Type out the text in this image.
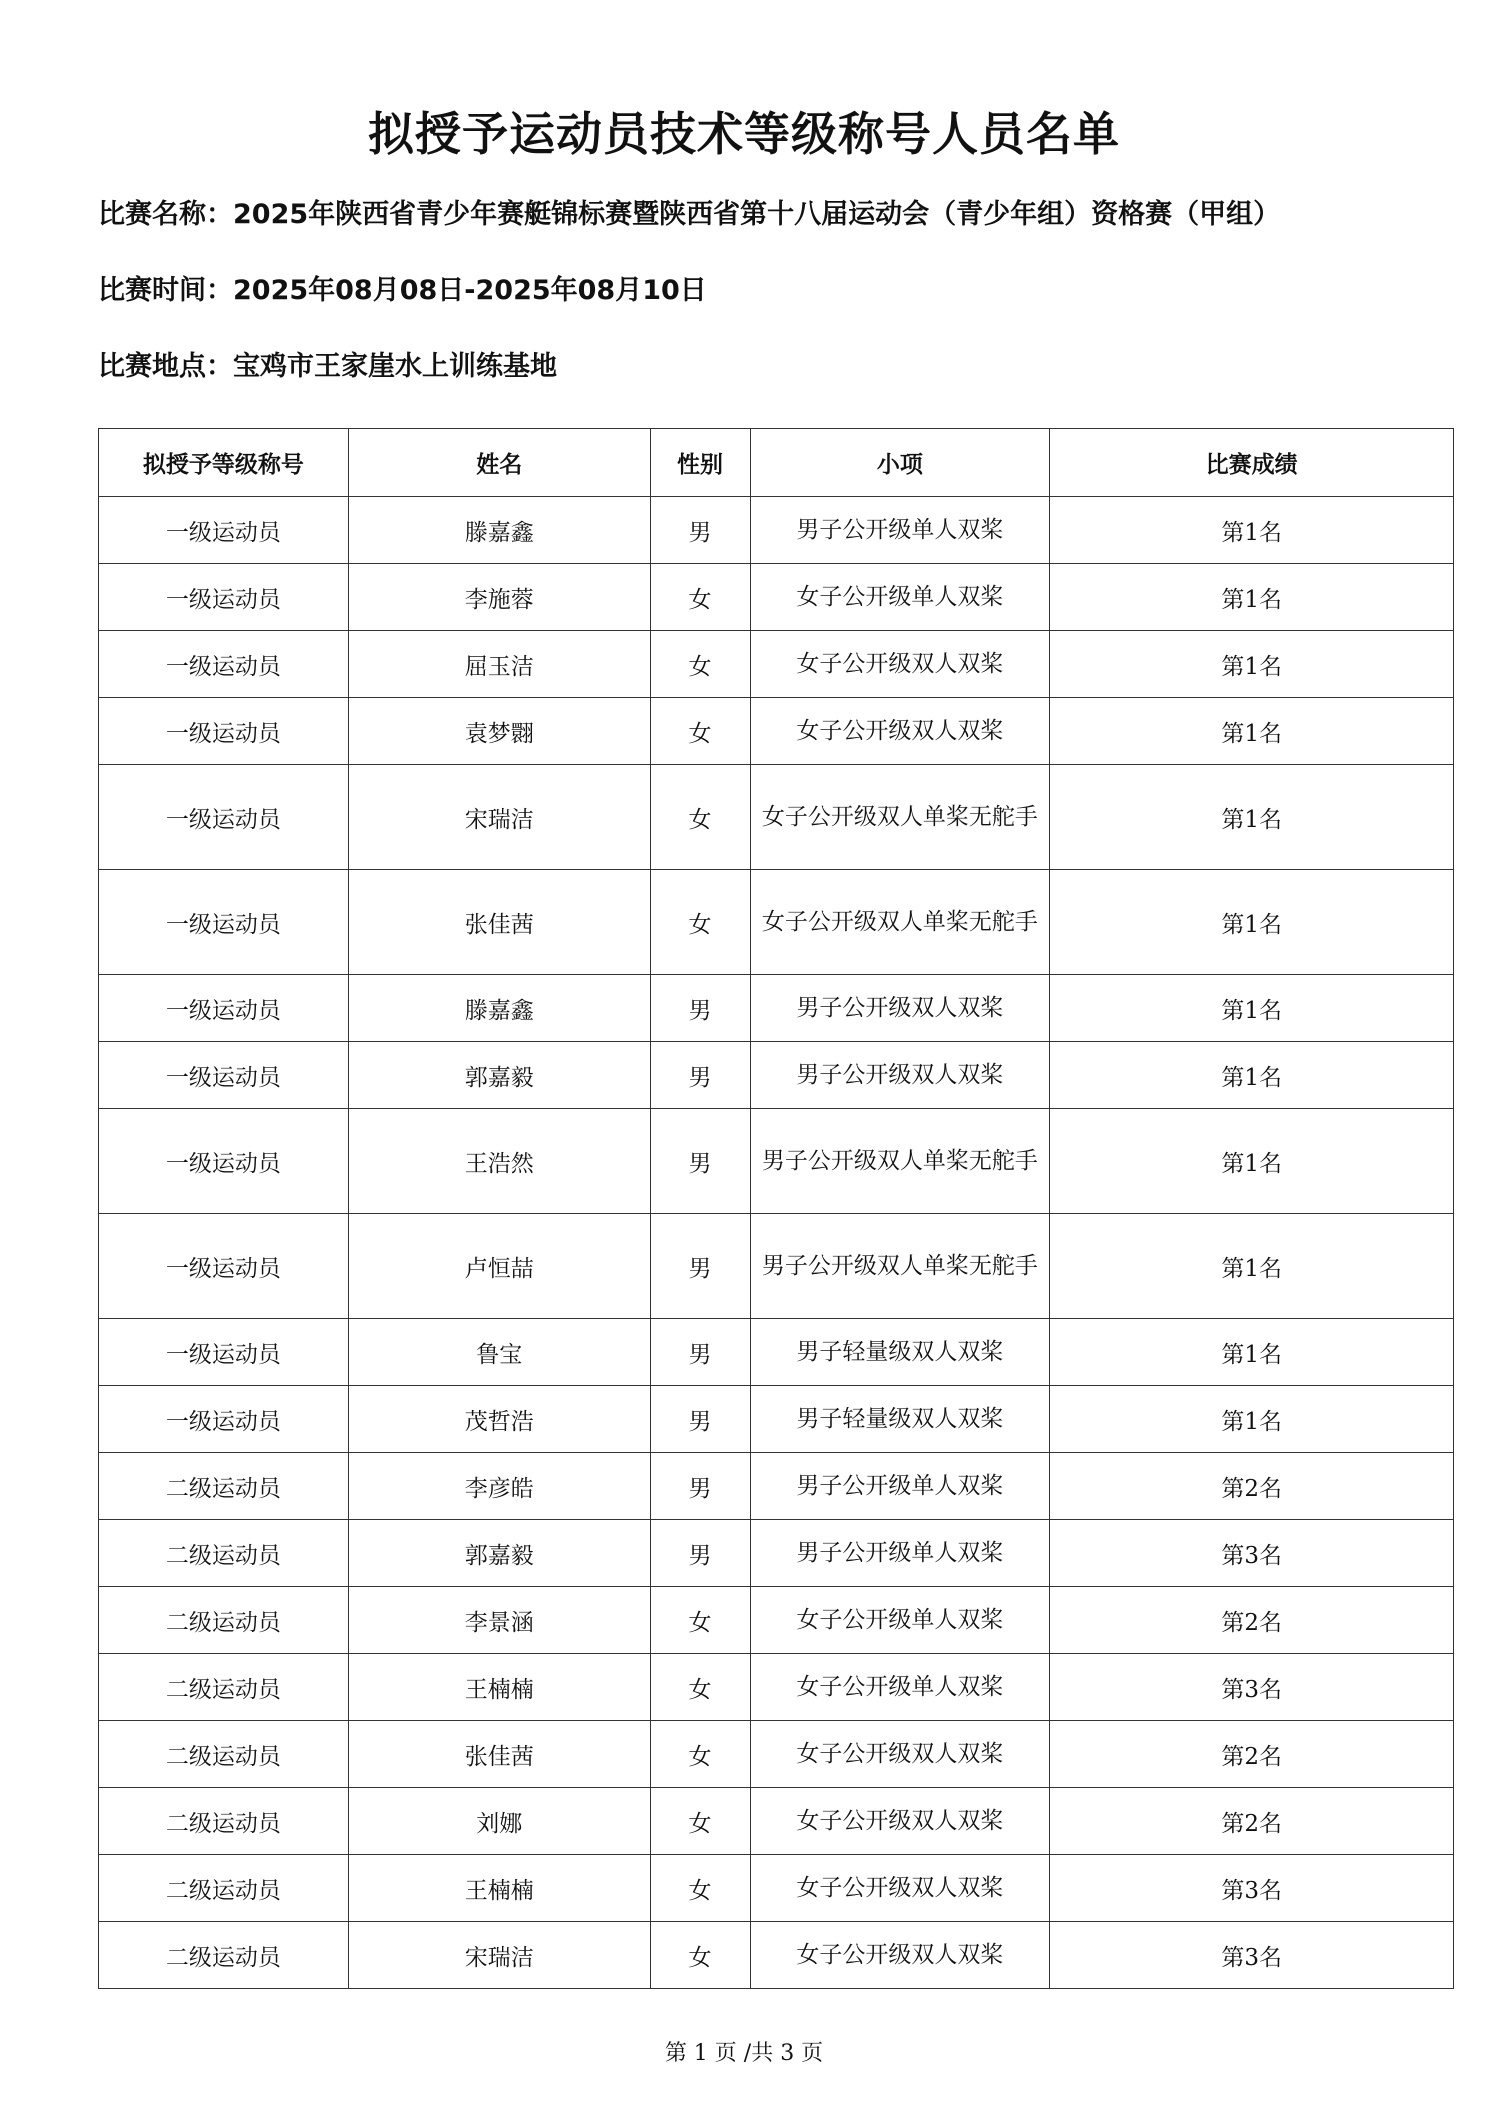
拟授予运动员技术等级称号人员名单
比赛名称：2025年陕西省青少年赛艇锦标赛暨陕西省第十八届运动会（青少年组）资格赛（甲组）
比赛时间：2025年08月08日-2025年08月10日
比赛地点：宝鸡市王家崖水上训练基地
拟授予等级称号	姓名	性别	小项	比赛成绩
一级运动员	滕嘉鑫	男	男子公开级单人双桨	第1名
一级运动员	李施蓉	女	女子公开级单人双桨	第1名
一级运动员	屈玉洁	女	女子公开级双人双桨	第1名
一级运动员	袁梦翾	女	女子公开级双人双桨	第1名
一级运动员	宋瑞洁	女	女子公开级双人单桨无舵手	第1名
一级运动员	张佳茜	女	女子公开级双人单桨无舵手	第1名
一级运动员	滕嘉鑫	男	男子公开级双人双桨	第1名
一级运动员	郭嘉毅	男	男子公开级双人双桨	第1名
一级运动员	王浩然	男	男子公开级双人单桨无舵手	第1名
一级运动员	卢恒喆	男	男子公开级双人单桨无舵手	第1名
一级运动员	鲁宝	男	男子轻量级双人双桨	第1名
一级运动员	茂哲浩	男	男子轻量级双人双桨	第1名
二级运动员	李彦皓	男	男子公开级单人双桨	第2名
二级运动员	郭嘉毅	男	男子公开级单人双桨	第3名
二级运动员	李景涵	女	女子公开级单人双桨	第2名
二级运动员	王楠楠	女	女子公开级单人双桨	第3名
二级运动员	张佳茜	女	女子公开级双人双桨	第2名
二级运动员	刘娜	女	女子公开级双人双桨	第2名
二级运动员	王楠楠	女	女子公开级双人双桨	第3名
二级运动员	宋瑞洁	女	女子公开级双人双桨	第3名
第 1 页 /共 3 页
